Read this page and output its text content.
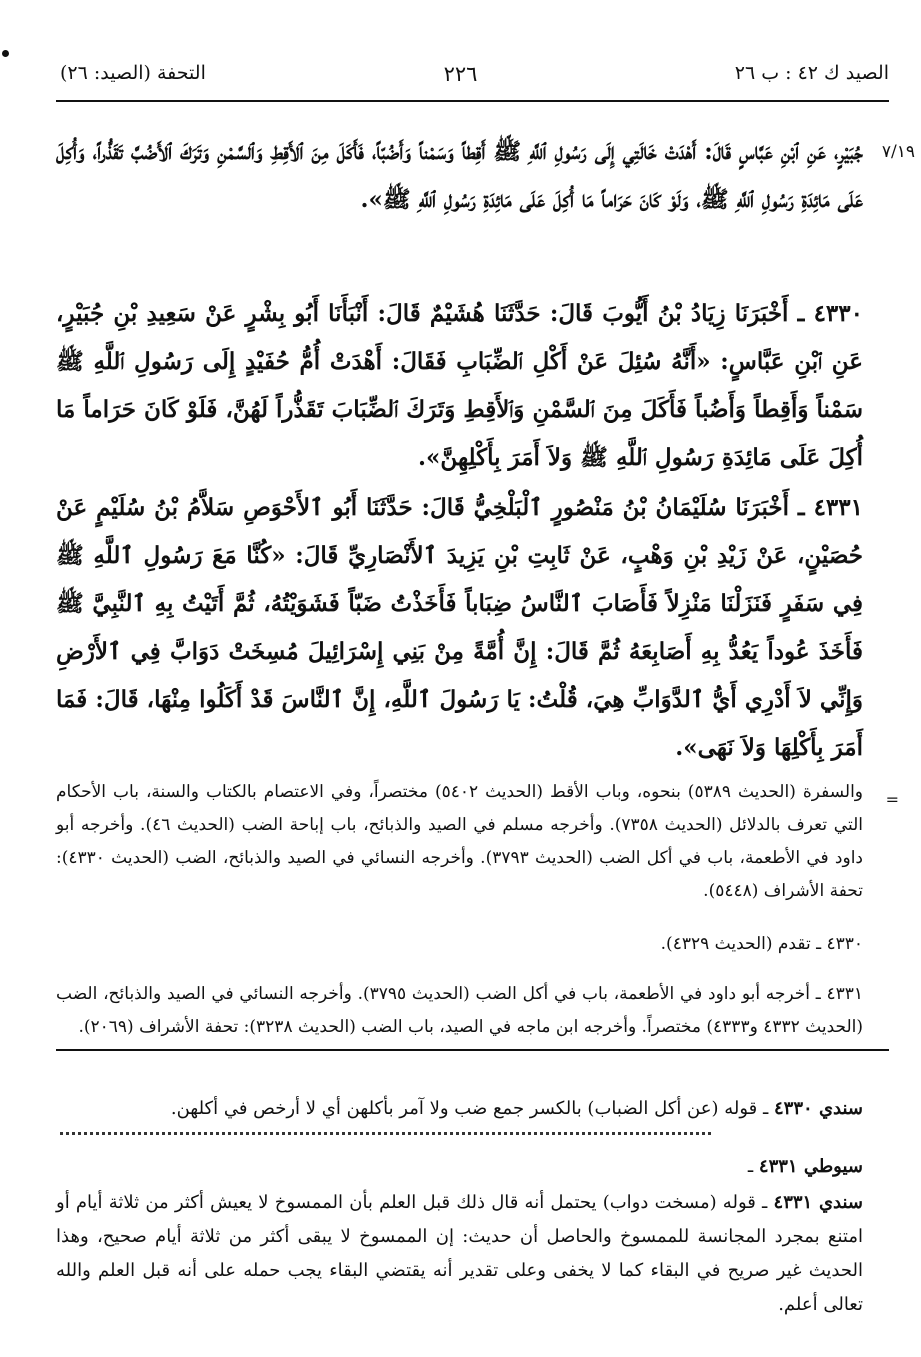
الصيد ك ٤٢ : ب ٢٦
٢٢٦
التحفة (الصيد: ٢٦)
٧/١٩

جُبَيْرٍ، عَنِ ٱبْنِ عَبَّاسٍ قَالَ: أَهْدَتْ خَالَتِي إِلَى رَسُولِ ٱللَّهِ ﷺ أَقِطاً وَسَمْناً وَأَضُبّاً، فَأَكَلَ مِنَ ٱلأَقِطِ وَٱلسَّمْنِ وَتَرَكَ ٱلأَضُبَّ تَقَذُّراً، وَأُكِلَ عَلَى مَائِدَةِ رَسُولِ ٱللَّهِ ﷺ، وَلَوْ كَانَ حَرَاماً مَا أُكِلَ عَلَى مَائِدَةِ رَسُولِ ٱللَّهِ ﷺ».

٤٣٣٠ ـ أَخْبَرَنَا زِيَادُ بْنُ أَيُّوبَ قَالَ: حَدَّثَنَا هُشَيْمٌ قَالَ: أَنْبَأَنَا أَبُو بِشْرٍ عَنْ سَعِيدِ بْنِ جُبَيْرٍ، عَنِ ٱبْنِ عَبَّاسٍ: «أَنَّهُ سُئِلَ عَنْ أَكْلِ ٱلضِّبَابِ فَقَالَ: أَهْدَتْ أُمُّ حُفَيْدٍ إِلَى رَسُولِ ٱللَّهِ ﷺ سَمْناً وَأَقِطاً وَأَضُباً فَأَكَلَ مِنَ ٱلسَّمْنِ وَٱلأَقِطِ وَتَرَكَ ٱلضِّبَابَ تَقَذُّراً لَهُنَّ، فَلَوْ كَانَ حَرَاماً مَا أُكِلَ عَلَى مَائِدَةِ رَسُولِ ٱللَّهِ ﷺ وَلاَ أَمَرَ بِأَكْلِهِنَّ».

٤٣٣١ ـ أَخْبَرَنَا سُلَيْمَانُ بْنُ مَنْصُورٍ ٱلْبَلْخِيُّ قَالَ: حَدَّثَنَا أَبُو ٱلأَحْوَصِ سَلاَّمُ بْنُ سُلَيْمٍ عَنْ حُصَيْنٍ، عَنْ زَيْدِ بْنِ وَهْبٍ، عَنْ ثَابِتِ بْنِ يَزِيدَ ٱلأَنْصَارِيِّ قَالَ: «كُنَّا مَعَ رَسُولِ ٱللَّهِ ﷺ فِي سَفَرٍ فَنَزَلْنَا مَنْزِلاً فَأَصَابَ ٱلنَّاسُ ضِبَاباً فَأَخَذْتُ ضَبّاً فَشَوَيْتُهُ، ثُمَّ أَتَيْتُ بِهِ ٱلنَّبِيَّ ﷺ فَأَخَذَ عُوداً يَعُدُّ بِهِ أَصَابِعَهُ ثُمَّ قَالَ: إِنَّ أُمَّةً مِنْ بَنِي إِسْرَائِيلَ مُسِخَتْ دَوَابَّ فِي ٱلأَرْضِ وَإِنِّي لاَ أَدْرِي أَيُّ ٱلدَّوَابِّ هِيَ، قُلْتُ: يَا رَسُولَ ٱللَّهِ، إِنَّ ٱلنَّاسَ قَدْ أَكَلُوا مِنْهَا، قَالَ: فَمَا أَمَرَ بِأَكْلِهَا وَلاَ نَهَى».

=

والسفرة (الحديث ٥٣٨٩) بنحوه، وباب الأقط (الحديث ٥٤٠٢) مختصراً، وفي الاعتصام بالكتاب والسنة، باب الأحكام التي تعرف بالدلائل (الحديث ٧٣٥٨). وأخرجه مسلم في الصيد والذبائح، باب إباحة الضب (الحديث ٤٦). وأخرجه أبو داود في الأطعمة، باب في أكل الضب (الحديث ٣٧٩٣). وأخرجه النسائي في الصيد والذبائح، الضب (الحديث ٤٣٣٠): تحفة الأشراف (٥٤٤٨).

٤٣٣٠ ـ تقدم (الحديث ٤٣٢٩).

٤٣٣١ ـ أخرجه أبو داود في الأطعمة، باب في أكل الضب (الحديث ٣٧٩٥). وأخرجه النسائي في الصيد والذبائح، الضب (الحديث ٤٣٣٢ و٤٣٣٣) مختصراً. وأخرجه ابن ماجه في الصيد، باب الضب (الحديث ٣٢٣٨): تحفة الأشراف (٢٠٦٩).

سندي ٤٣٣٠ ـ قوله (عن أكل الضباب) بالكسر جمع ضب ولا آمر بأكلهن أي لا أرخص في أكلهن.

سيوطي ٤٣٣١ ـ

سندي ٤٣٣١ ـ قوله (مسخت دواب) يحتمل أنه قال ذلك قبل العلم بأن الممسوخ لا يعيش أكثر من ثلاثة أيام أو امتنع بمجرد المجانسة للممسوخ والحاصل أن حديث: إن الممسوخ لا يبقى أكثر من ثلاثة أيام صحيح، وهذا الحديث غير صريح في البقاء كما لا يخفى وعلى تقدير أنه يقتضي البقاء يجب حمله على أنه قبل العلم والله تعالى أعلم.
